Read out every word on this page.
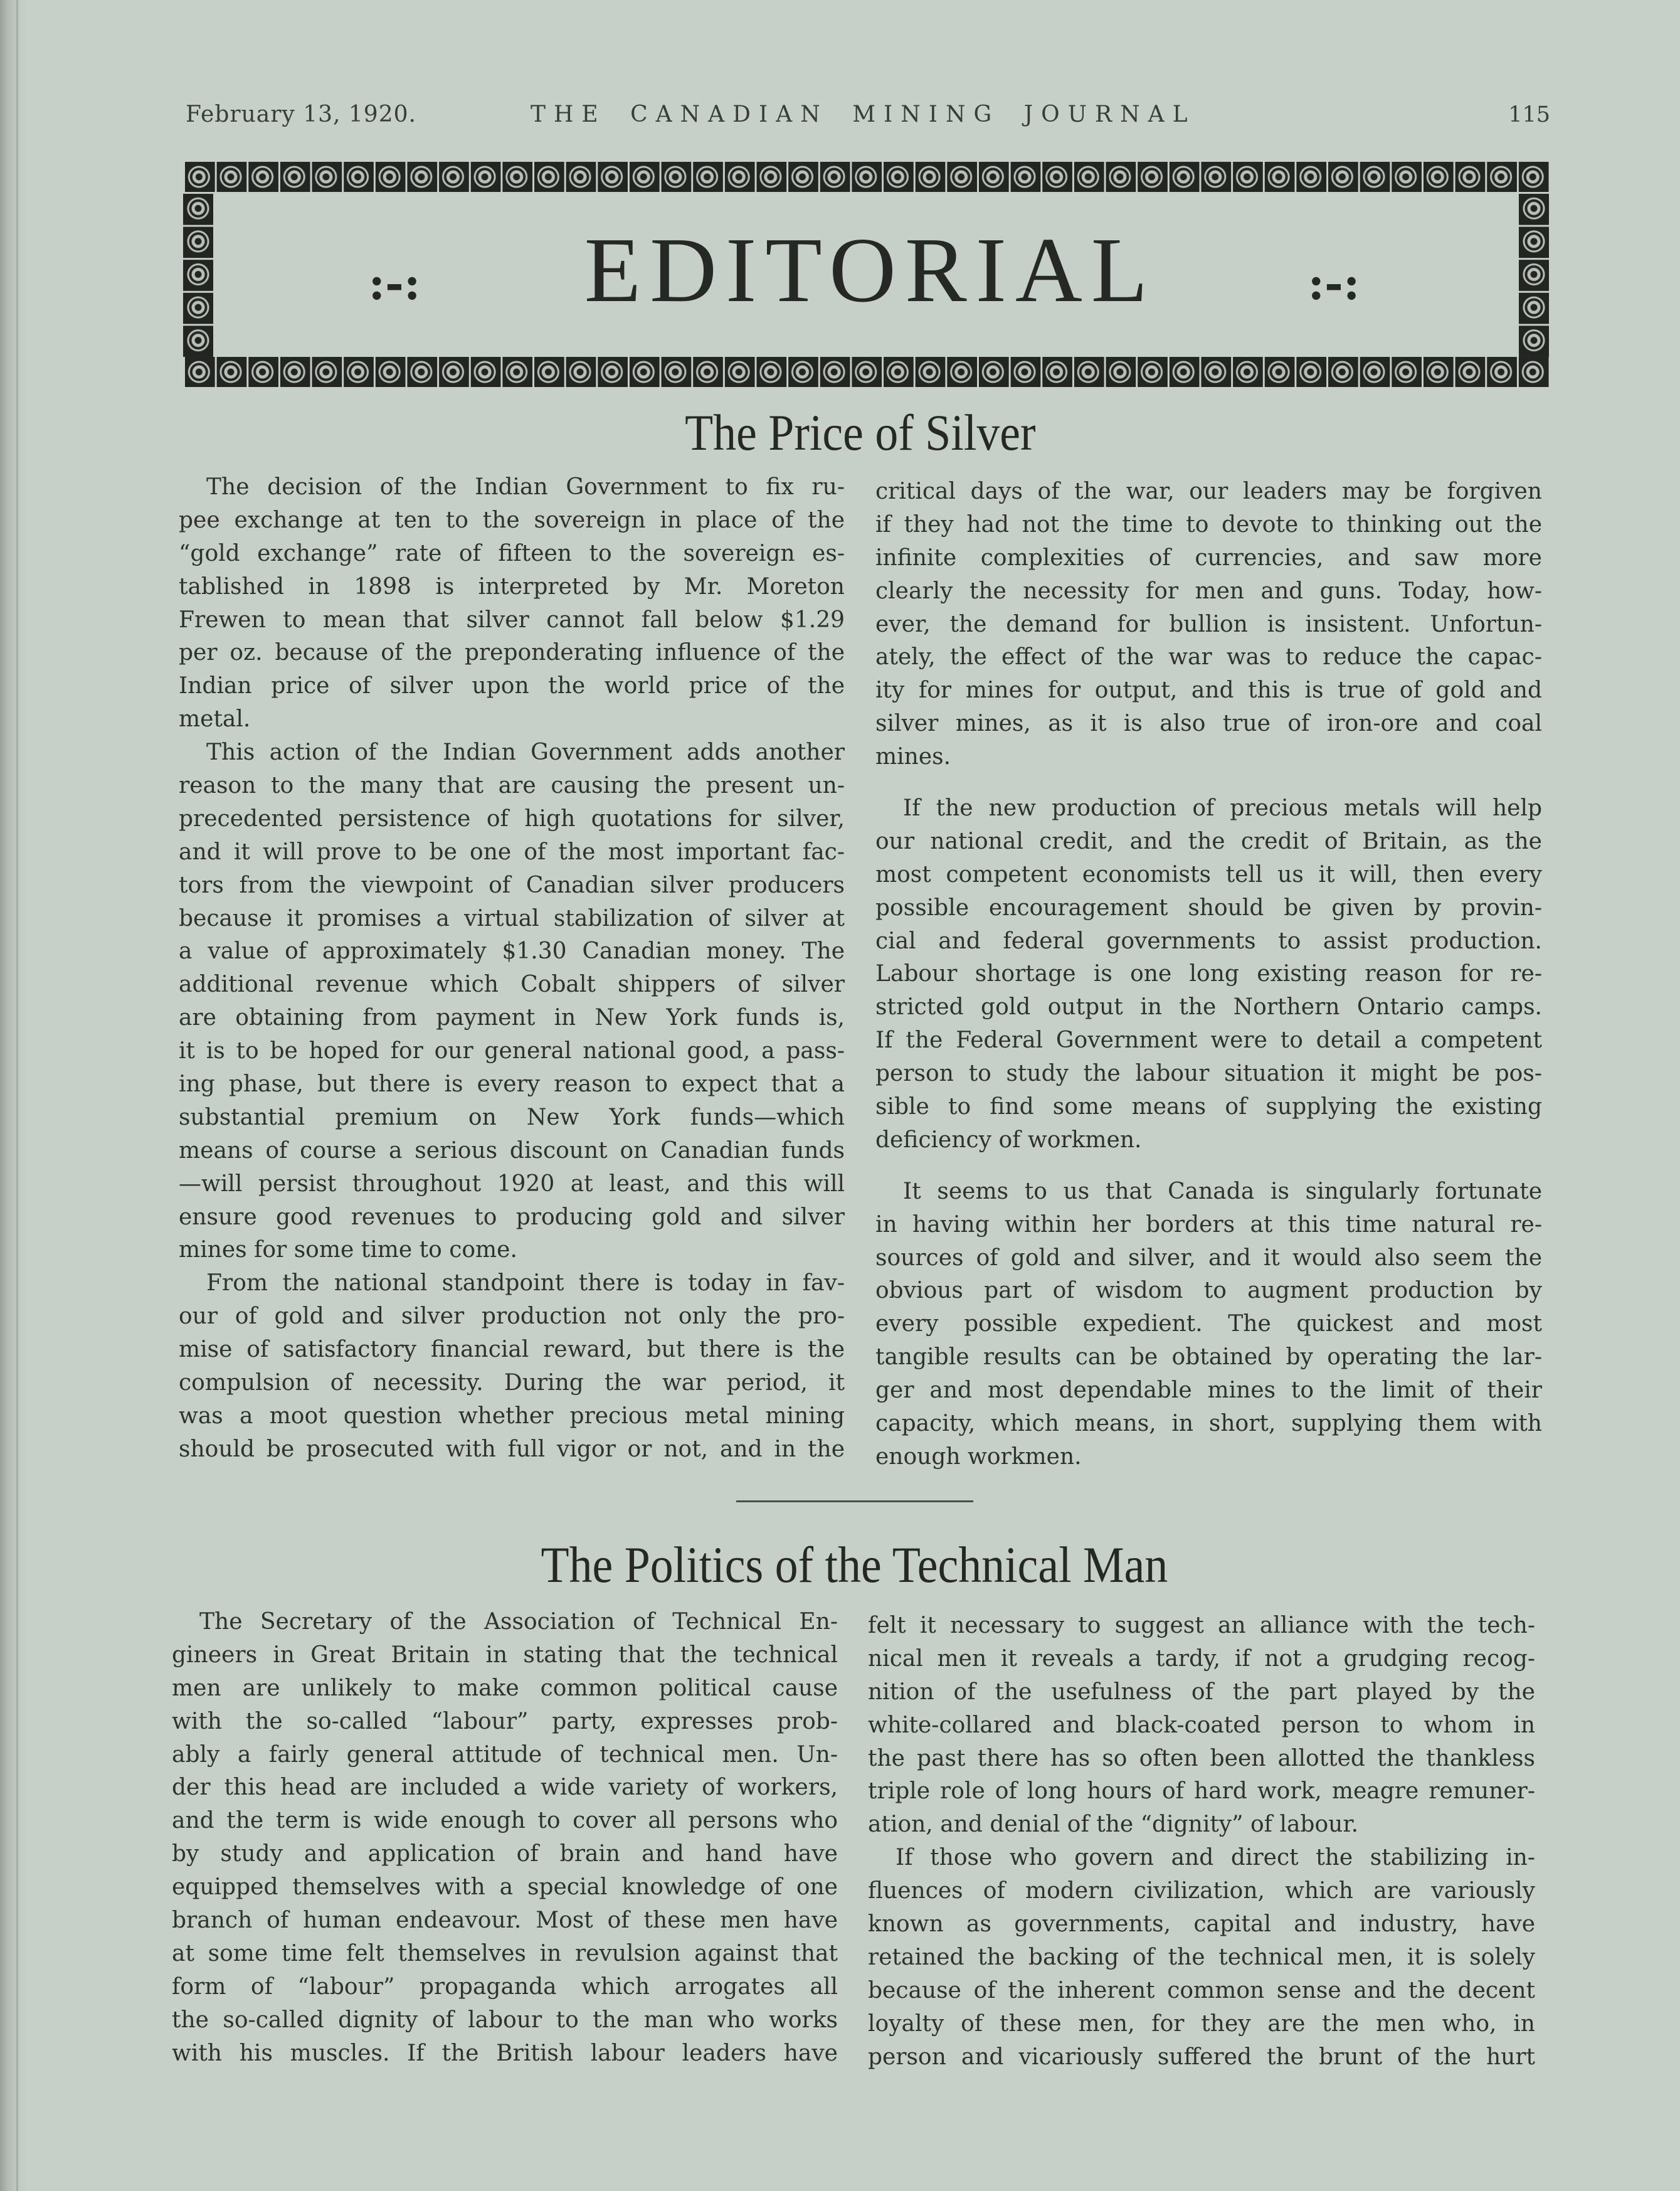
February 13, 1920.	THE CANADIAN MINING JOURNAL	115
:-:	EDITORIAL	:-:
The Price of Silver
The decision of the Indian Government to fix ru-
pee exchange at ten to the sovereign in place of the
“gold exchange” rate of fifteen to the sovereign es-
tablished in 1898 is interpreted by Mr. Moreton
Frewen to mean that silver cannot fall below $1.29
per oz. because of the preponderating influence of the
Indian price of silver upon the world price of the
metal.
This action of the Indian Government adds another
reason to the many that are causing the present un-
precedented persistence of high quotations for silver,
and it will prove to be one of the most important fac-
tors from the viewpoint of Canadian silver producers
because it promises a virtual stabilization of silver at
a value of approximately $1.30 Canadian money. The
additional revenue which Cobalt shippers of silver
are obtaining from payment in New York funds is,
it is to be hoped for our general national good, a pass-
ing phase, but there is every reason to expect that a
substantial premium on New York funds—which
means of course a serious discount on Canadian funds
—will persist throughout 1920 at least, and this will
ensure good revenues to producing gold and silver
mines for some time to come.
From the national standpoint there is today in fav-
our of gold and silver production not only the pro-
mise of satisfactory financial reward, but there is the
compulsion of necessity. During the war period, it
was a moot question whether precious metal mining
should be prosecuted with full vigor or not, and in the
critical days of the war, our leaders may be forgiven
if they had not the time to devote to thinking out the
infinite complexities of currencies, and saw more
clearly the necessity for men and guns. Today, how-
ever, the demand for bullion is insistent. Unfortun-
ately, the effect of the war was to reduce the capac-
ity for mines for output, and this is true of gold and
silver mines, as it is also true of iron-ore and coal
mines.
If the new production of precious metals will help
our national credit, and the credit of Britain, as the
most competent economists tell us it will, then every
possible encouragement should be given by provin-
cial and federal governments to assist production.
Labour shortage is one long existing reason for re-
stricted gold output in the Northern Ontario camps.
If the Federal Government were to detail a competent
person to study the labour situation it might be pos-
sible to find some means of supplying the existing
deficiency of workmen.
It seems to us that Canada is singularly fortunate
in having within her borders at this time natural re-
sources of gold and silver, and it would also seem the
obvious part of wisdom to augment production by
every possible expedient. The quickest and most
tangible results can be obtained by operating the lar-
ger and most dependable mines to the limit of their
capacity, which means, in short, supplying them with
enough workmen.
The Politics of the Technical Man
The Secretary of the Association of Technical En-
gineers in Great Britain in stating that the technical
men are unlikely to make common political cause
with the so-called “labour” party, expresses prob-
ably a fairly general attitude of technical men. Un-
der this head are included a wide variety of workers,
and the term is wide enough to cover all persons who
by study and application of brain and hand have
equipped themselves with a special knowledge of one
branch of human endeavour. Most of these men have
at some time felt themselves in revulsion against that
form of “labour” propaganda which arrogates all
the so-called dignity of labour to the man who works
with his muscles. If the British labour leaders have
felt it necessary to suggest an alliance with the tech-
nical men it reveals a tardy, if not a grudging recog-
nition of the usefulness of the part played by the
white-collared and black-coated person to whom in
the past there has so often been allotted the thankless
triple role of long hours of hard work, meagre remuner-
ation, and denial of the “dignity” of labour.
If those who govern and direct the stabilizing in-
fluences of modern civilization, which are variously
known as governments, capital and industry, have
retained the backing of the technical men, it is solely
because of the inherent common sense and the decent
loyalty of these men, for they are the men who, in
person and vicariously suffered the brunt of the hurt
